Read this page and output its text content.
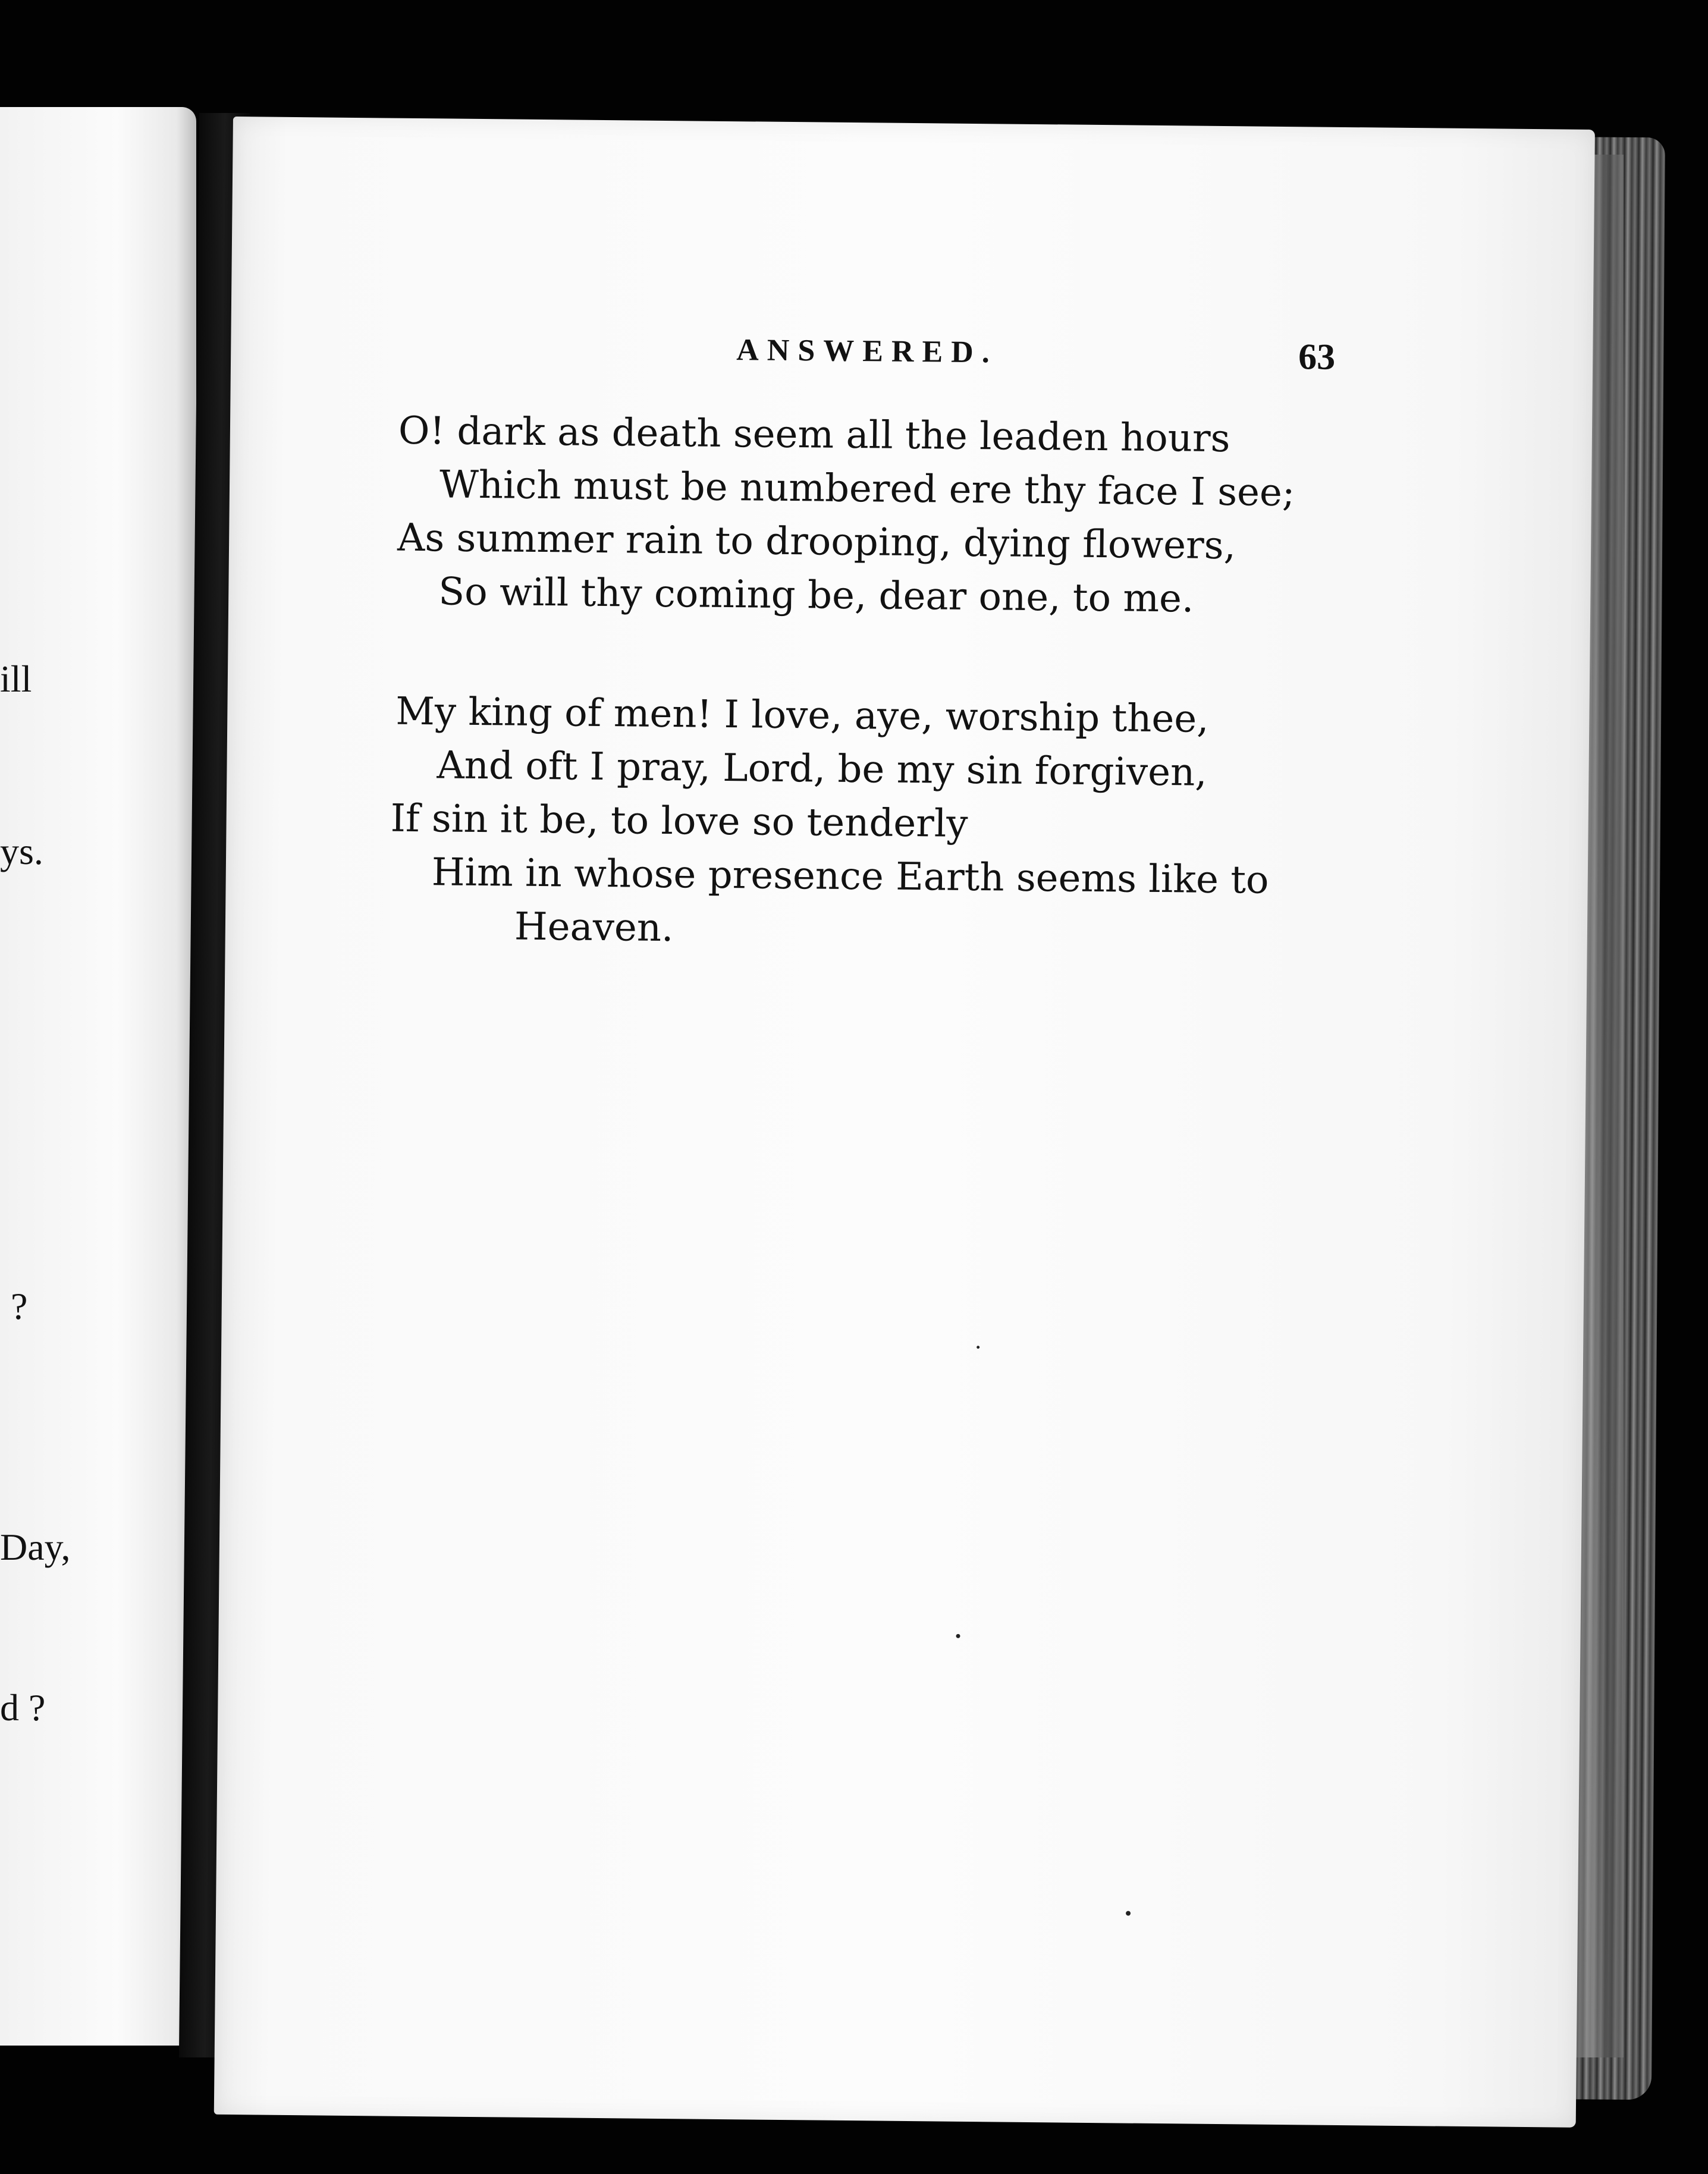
ill
ys.
?
Day,
d ?
ANSWERED.	63
O! dark as death seem all the leaden hours
Which must be numbered ere thy face I see;
As summer rain to drooping, dying flowers,
So will thy coming be, dear one, to me.
My king of men! I love, aye, worship thee,
And oft I pray, Lord, be my sin forgiven,
If sin it be, to love so tenderly
Him in whose presence Earth seems like to
Heaven.
